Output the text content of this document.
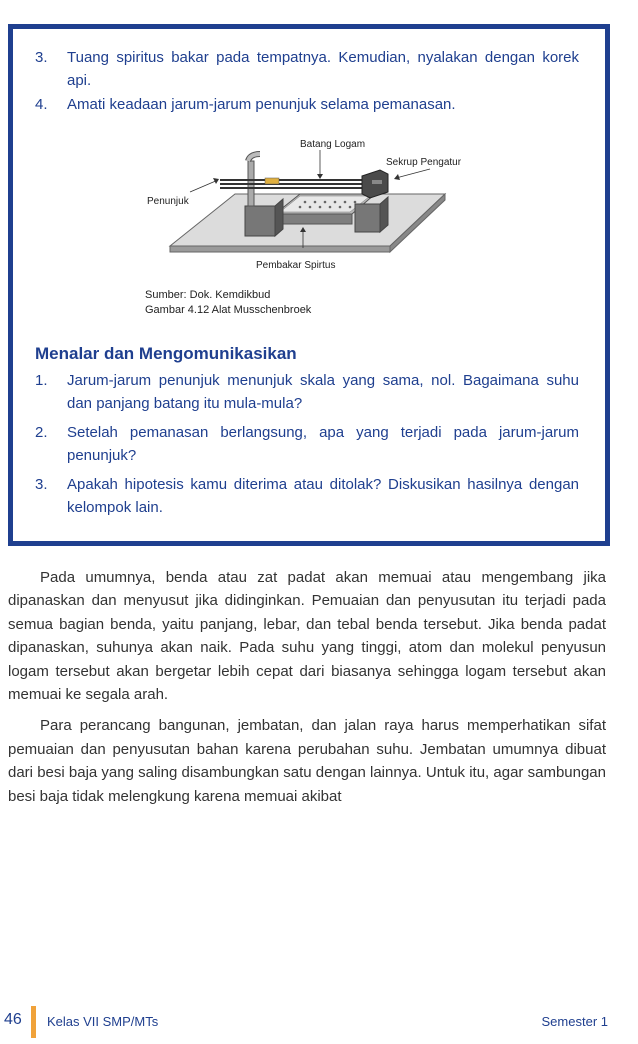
3. Tuang spiritus bakar pada tempatnya. Kemudian, nyalakan dengan korek api.
4. Amati keadaan jarum-jarum penunjuk selama pemanasan.
Batang Logam
Sekrup Pengatur
Penunjuk
Pembakar Spirtus
Sumber: Dok. Kemdikbud
Gambar 4.12 Alat Musschenbroek
Menalar dan Mengomunikasikan
1. Jarum-jarum penunjuk menunjuk skala yang sama, nol. Bagaimana suhu dan panjang batang itu mula-mula?
2. Setelah pemanasan berlangsung, apa yang terjadi pada jarum-jarum penunjuk?
3. Apakah hipotesis kamu diterima atau ditolak? Diskusikan hasilnya dengan kelompok lain.

Pada umumnya, benda atau zat padat akan memuai atau mengembang jika dipanaskan dan menyusut jika didinginkan. Pemuaian dan penyusutan itu terjadi pada semua bagian benda, yaitu panjang, lebar, dan tebal benda tersebut. Jika benda padat dipanaskan, suhunya akan naik. Pada suhu yang tinggi, atom dan molekul penyusun logam tersebut akan bergetar lebih cepat dari biasanya sehingga logam tersebut akan memuai ke segala arah.

Para perancang bangunan, jembatan, dan jalan raya harus memperhatikan sifat pemuaian dan penyusutan bahan karena perubahan suhu. Jembatan umumnya dibuat dari besi baja yang saling disambungkan satu dengan lainnya. Untuk itu, agar sambungan besi baja tidak melengkung karena memuai akibat

46 Kelas VII SMP/MTs	Semester 1
